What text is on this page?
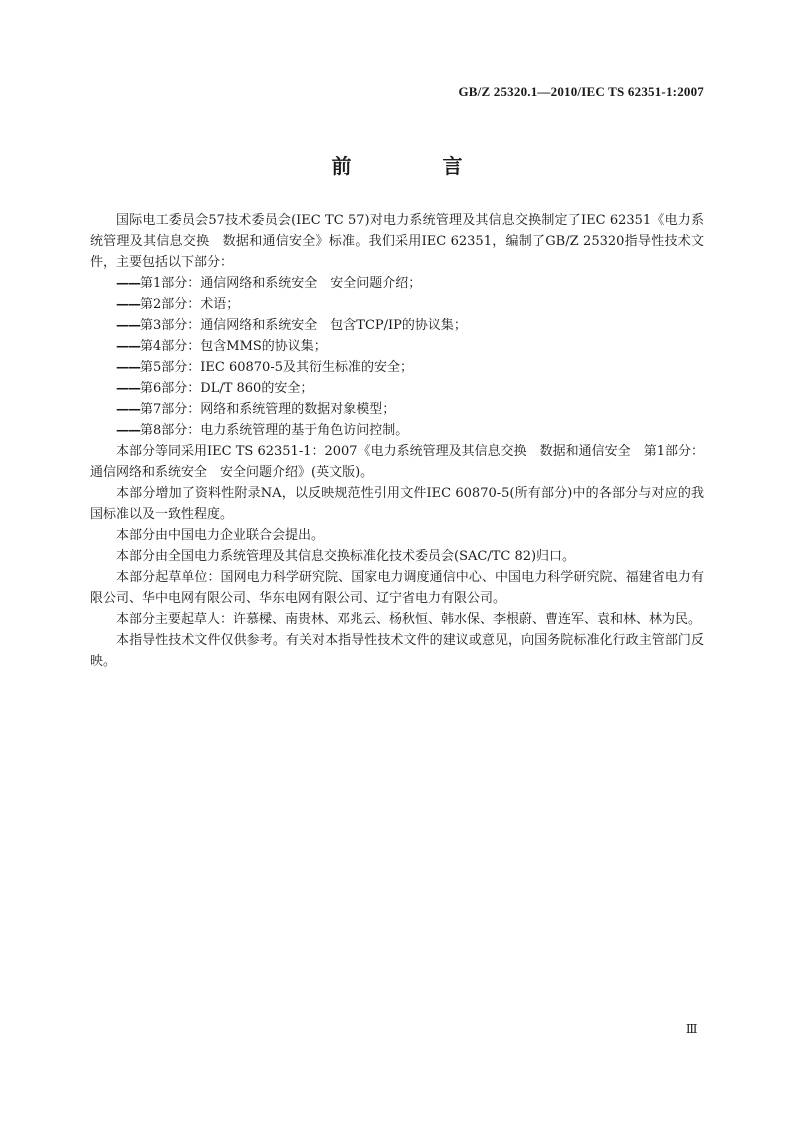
GB/Z 25320.1—2010/IEC TS 62351-1:2007
前 言

国际电工委员会57技术委员会(IEC TC 57)对电力系统管理及其信息交换制定了IEC 62351《电力系统管理及其信息交换　数据和通信安全》标准。我们采用IEC 62351，编制了GB/Z 25320指导性技术文件，主要包括以下部分：

——第1部分：通信网络和系统安全　安全问题介绍；
——第2部分：术语；
——第3部分：通信网络和系统安全　包含TCP/IP的协议集；
——第4部分：包含MMS的协议集；
——第5部分：IEC 60870-5及其衍生标准的安全；
——第6部分：DL/T 860的安全；
——第7部分：网络和系统管理的数据对象模型；
——第8部分：电力系统管理的基于角色访问控制。

本部分等同采用IEC TS 62351-1：2007《电力系统管理及其信息交换　数据和通信安全　第1部分：通信网络和系统安全　安全问题介绍》(英文版)。

本部分增加了资料性附录NA，以反映规范性引用文件IEC 60870-5(所有部分)中的各部分与对应的我国标准以及一致性程度。

本部分由中国电力企业联合会提出。

本部分由全国电力系统管理及其信息交换标准化技术委员会(SAC/TC 82)归口。

本部分起草单位：国网电力科学研究院、国家电力调度通信中心、中国电力科学研究院、福建省电力有限公司、华中电网有限公司、华东电网有限公司、辽宁省电力有限公司。

本部分主要起草人：许慕樑、南贵林、邓兆云、杨秋恒、韩水保、李根蔚、曹连军、袁和林、林为民。

本指导性技术文件仅供参考。有关对本指导性技术文件的建议或意见，向国务院标准化行政主管部门反映。

Ⅲ
